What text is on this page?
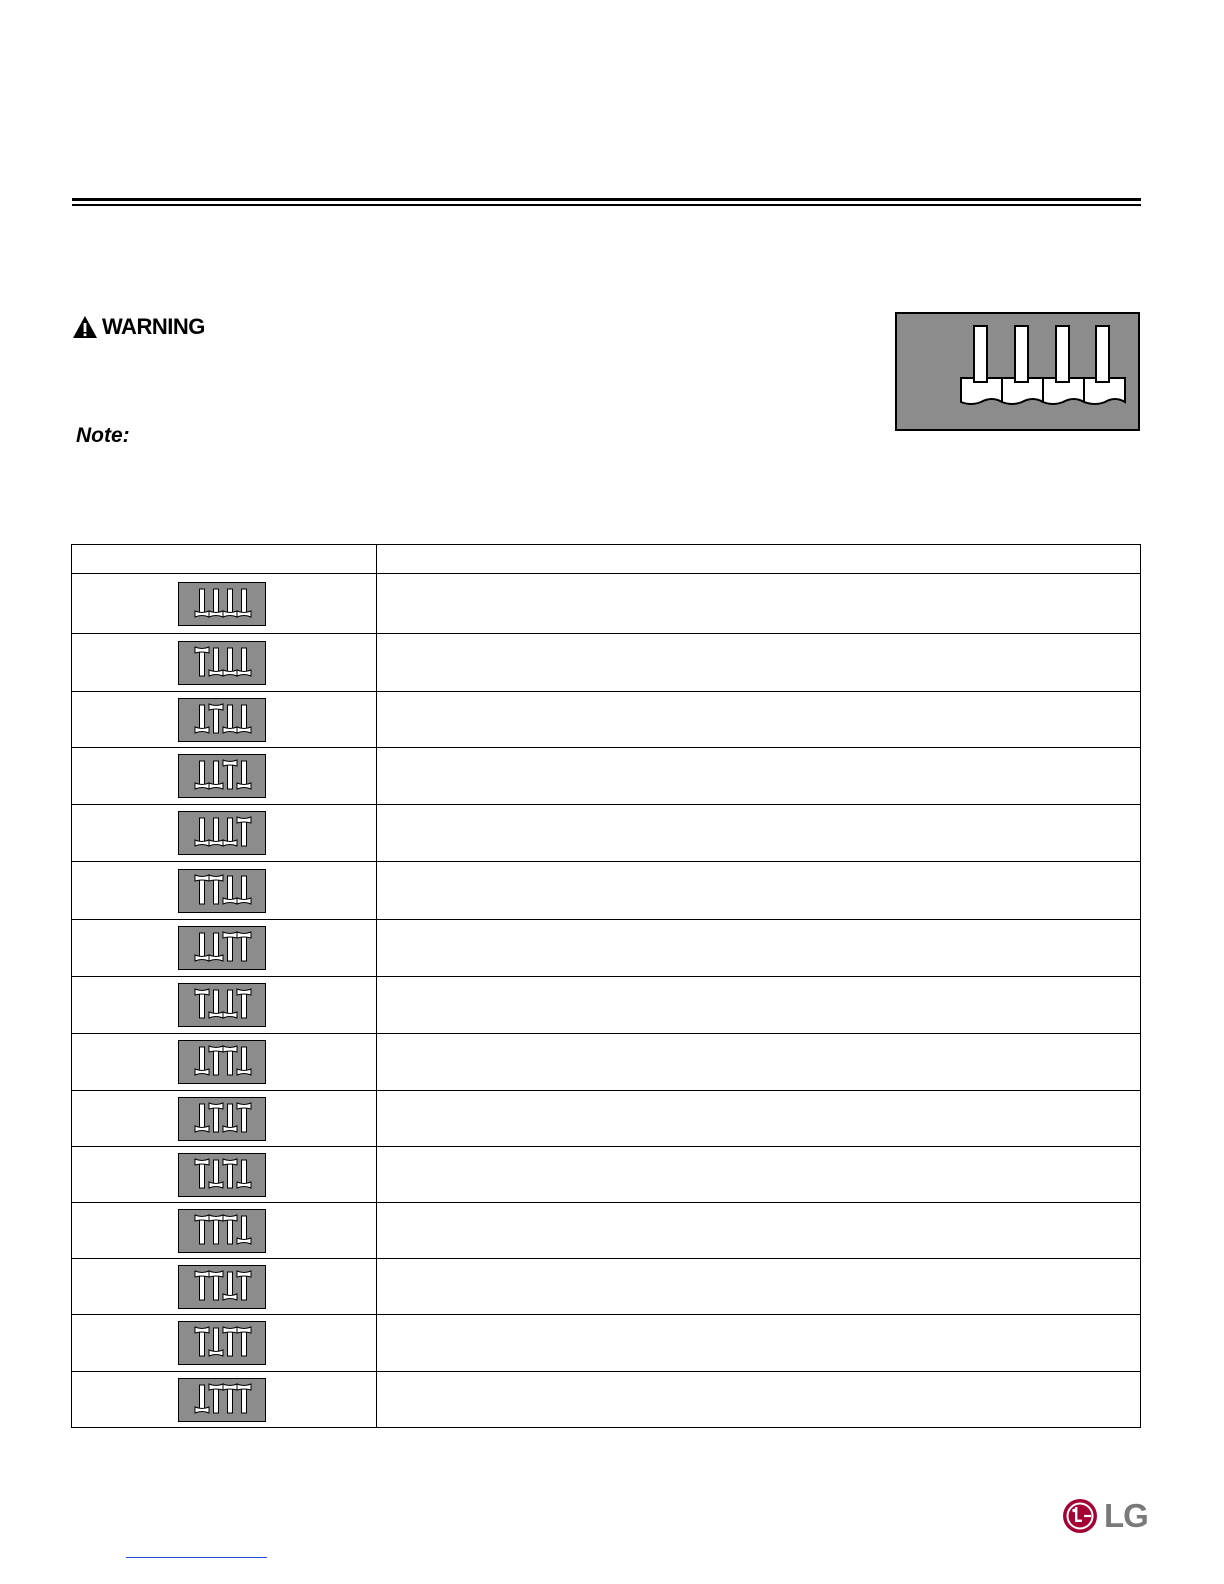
WARNING
Note:

LG
